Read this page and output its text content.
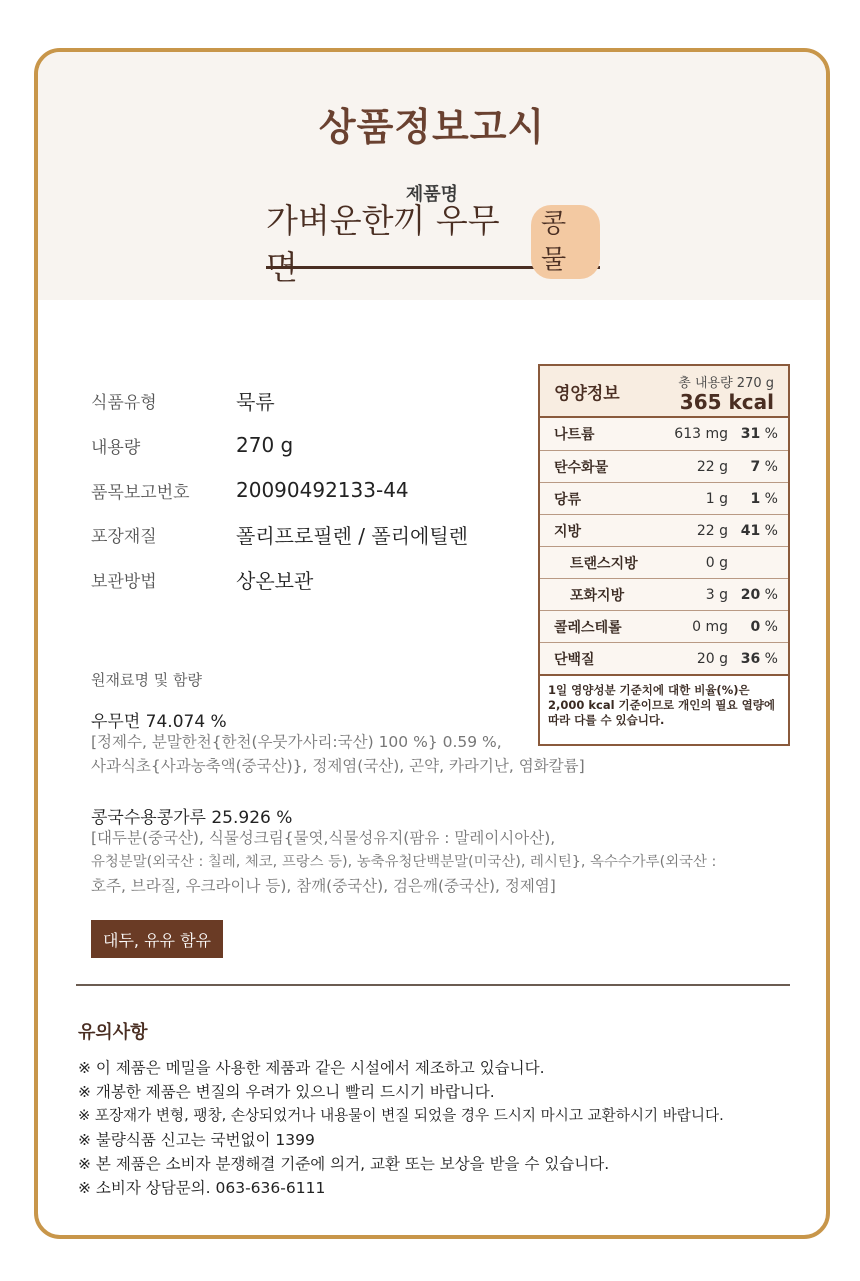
상품정보고시
제품명
가벼운한끼 우무면
콩물
식품유형	묵류
내용량	270 g
품목보고번호	20090492133-44
포장재질	폴리프로필렌 / 폴리에틸렌
보관방법	상온보관
영양정보
총 내용량 270 g
365 kcal
나트륨	613 mg 31 %
탄수화물	22 g	7 %
당류	1 g	1 %
지방	22 g 41 %
트랜스지방	0 g
포화지방	3 g 20 %
콜레스테롤	0 mg	0 %
단백질	20 g 36 %
1일 영양성분 기준치에 대한 비율(%)은
2,000 kcal 기준이므로 개인의 필요 열량에
따라 다를 수 있습니다.
원재료명 및 함량
우무면 74.074 %
[정제수, 분말한천{한천(우뭇가사리:국산) 100 %} 0.59 %,
사과식초{사과농축액(중국산)}, 정제염(국산), 곤약, 카라기난, 염화칼륨]
콩국수용콩가루 25.926 %
[대두분(중국산), 식물성크림{물엿,식물성유지(팜유 : 말레이시아산),
유청분말(외국산 : 칠레, 체코, 프랑스 등), 농축유청단백분말(미국산), 레시틴}, 옥수수가루(외국산 :
호주, 브라질, 우크라이나 등), 참깨(중국산), 검은깨(중국산), 정제염]
대두, 유유 함유
유의사항
※ 이 제품은 메밀을 사용한 제품과 같은 시설에서 제조하고 있습니다.
※ 개봉한 제품은 변질의 우려가 있으니 빨리 드시기 바랍니다.
※ 포장재가 변형, 팽창, 손상되었거나 내용물이 변질 되었을 경우 드시지 마시고 교환하시기 바랍니다.
※ 불량식품 신고는 국번없이 1399
※ 본 제품은 소비자 분쟁해결 기준에 의거, 교환 또는 보상을 받을 수 있습니다.
※ 소비자 상담문의. 063-636-6111
